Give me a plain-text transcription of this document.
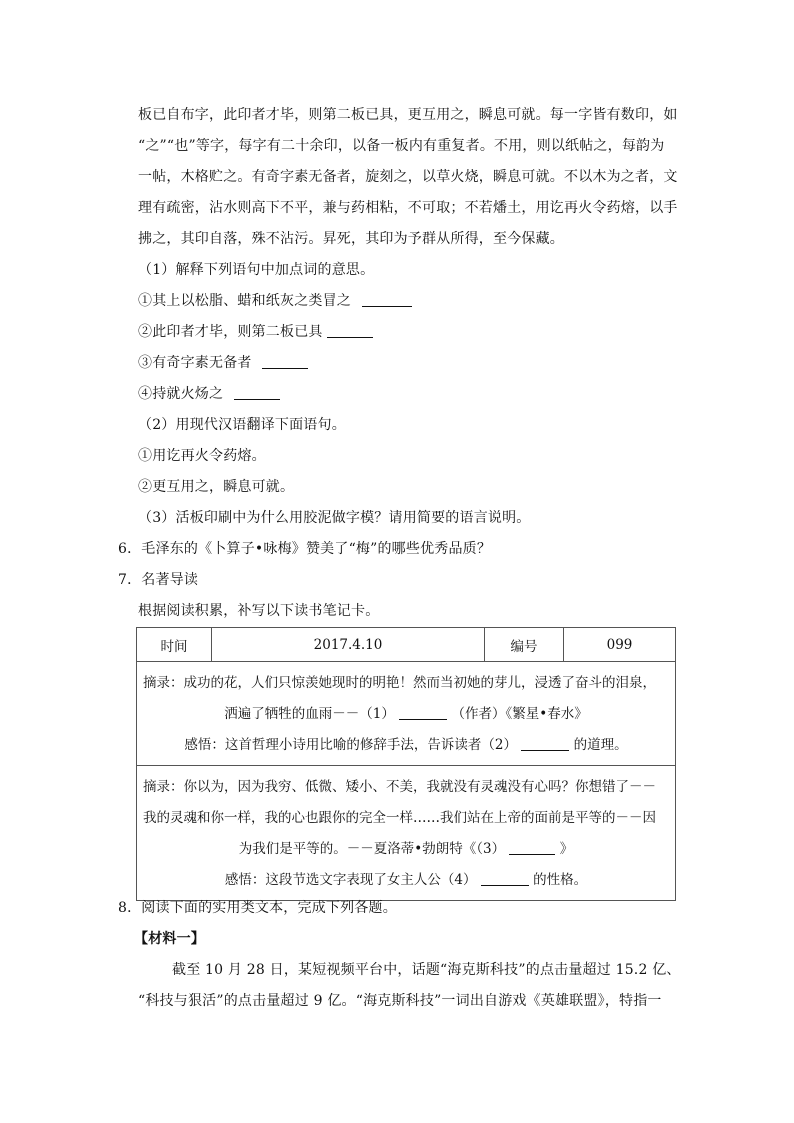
板已自布字，此印者才毕，则第二板已具，更互用之，瞬息可就。每一字皆有数印，如
“之”“也”等字，每字有二十余印，以备一板内有重复者。不用，则以纸帖之，每韵为
一帖，木格贮之。有奇字素无备者，旋刻之，以草火烧，瞬息可就。不以木为之者，文
理有疏密，沾水则高下不平，兼与药相粘，不可取；不若燔土，用讫再火令药熔，以手
拂之，其印自落，殊不沾污。昇死，其印为予群从所得，至今保藏。
（1）解释下列语句中加点词的意思。
①其上以松脂、蜡和纸灰之类冒之
②此印者才毕，则第二板已具
③有奇字素无备者
④持就火炀之
（2）用现代汉语翻译下面语句。
①用讫再火令药熔。
②更互用之，瞬息可就。
（3）活板印刷中为什么用胶泥做字模？请用简要的语言说明。
6．毛泽东的《卜算子•咏梅》赞美了“梅”的哪些优秀品质？
7．名著导读
根据阅读积累，补写以下读书笔记卡。
时间	2017.4.10	编号	099

摘录：成功的花，人们只惊羡她现时的明艳！然而当初她的芽儿，浸透了奋斗的泪泉，
洒遍了牺牲的血雨－－（1）	（作者）《繁星•春水》
感悟：这首哲理小诗用比喻的修辞手法，告诉读者（2）	的道理。

摘录：你以为，因为我穷、低微、矮小、不美，我就没有灵魂没有心吗？你想错了－－
我的灵魂和你一样，我的心也跟你的完全一样……我们站在上帝的面前是平等的－－因
为我们是平等的。－－夏洛蒂•勃朗特《（3）	》
感悟：这段节选文字表现了女主人公（4）	的性格。
8．阅读下面的实用类文本，完成下列各题。
【材料一】
截至 10 月 28 日，某短视频平台中，话题“海克斯科技”的点击量超过 15.2 亿、
“科技与狠活”的点击量超过 9 亿。“海克斯科技”一词出自游戏《英雄联盟》，特指一
